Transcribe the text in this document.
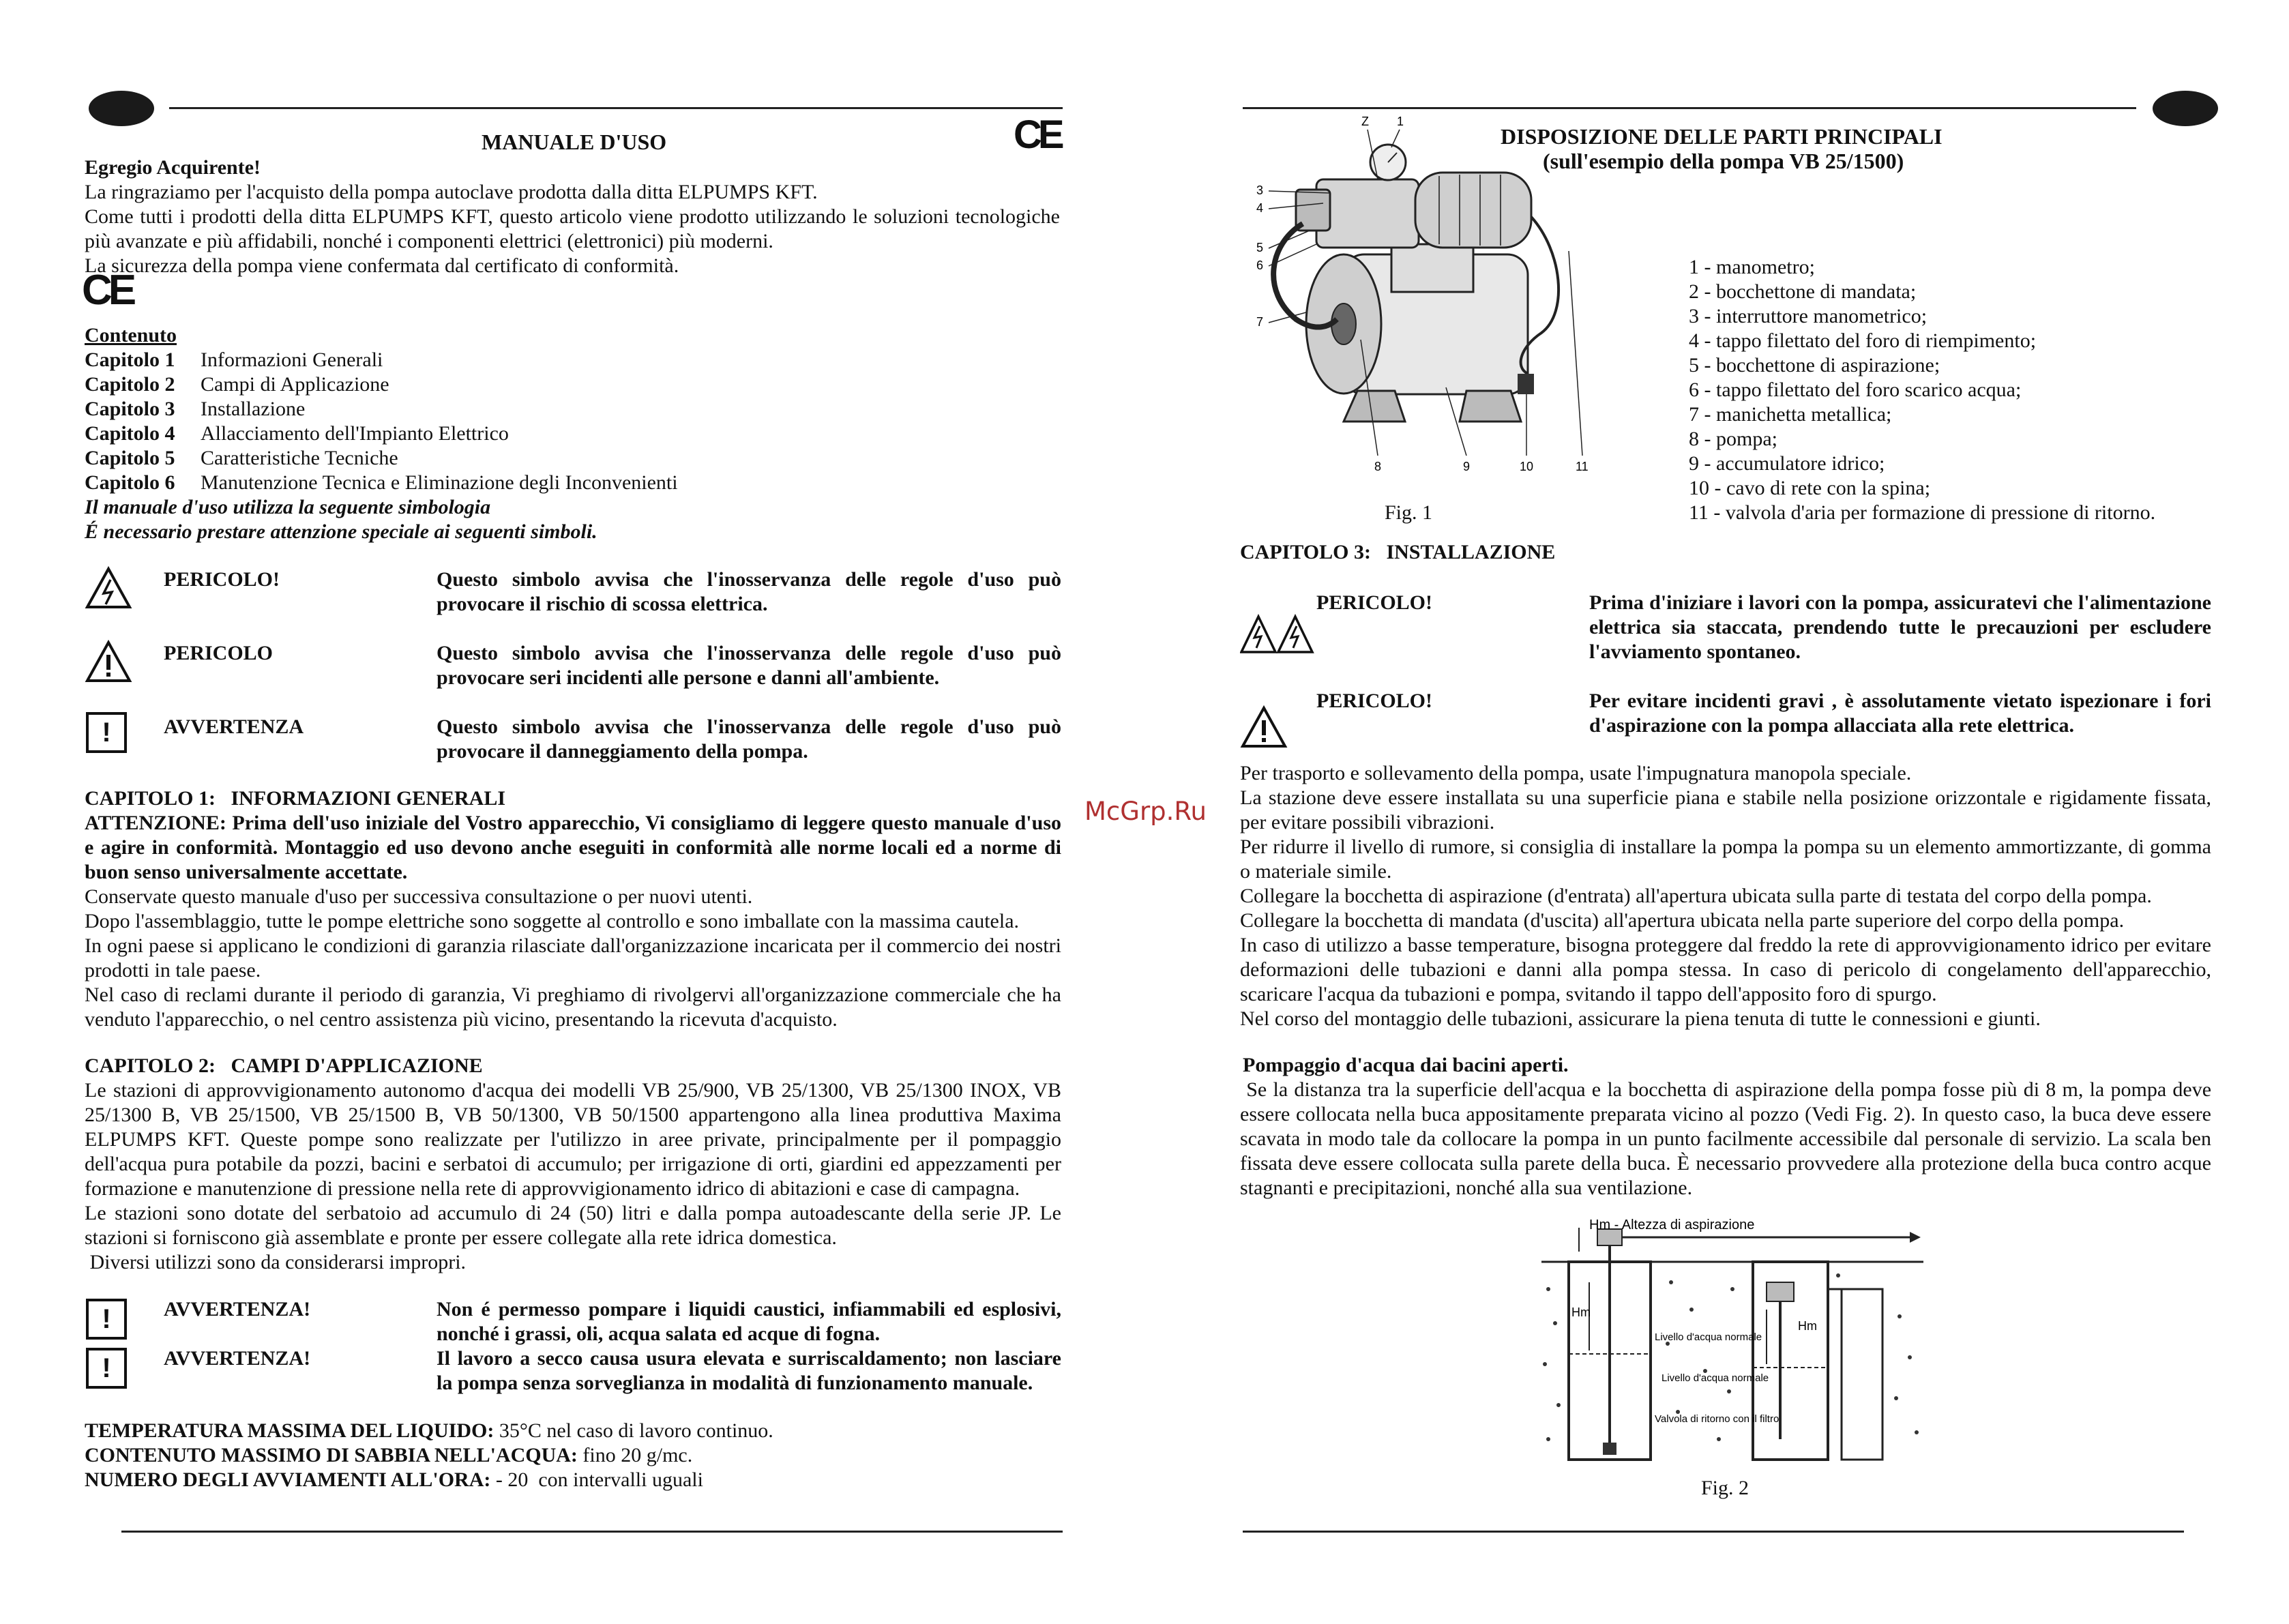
McGrp.Ru
MANUALE D'USO	CE
Egregio Acquirente!
La ringraziamo per l'acquisto della pompa autoclave prodotta dalla ditta ELPUMPS KFT.
Come tutti i prodotti della ditta ELPUMPS KFT, questo articolo viene prodotto utilizzando le soluzioni tecnologiche più avanzate e più affidabili, nonché i componenti elettrici (elettronici) più moderni.
La sicurezza della pompa viene confermata dal certificato di conformità.
CE
Contenuto
Capitolo 1	Informazioni Generali
Capitolo 2	Campi di Applicazione
Capitolo 3	Installazione
Capitolo 4	Allacciamento dell'Impianto Elettrico
Capitolo 5	Caratteristiche Tecniche
Capitolo 6	Manutenzione Tecnica e Eliminazione degli Inconvenienti
Il manuale d'uso utilizza la seguente simbologia
É necessario prestare attenzione speciale ai seguenti simboli.
PERICOLO!	Questo simbolo avvisa che l'inosservanza delle regole d'uso può provocare il rischio di scossa elettrica.
PERICOLO	Questo simbolo avvisa che l'inosservanza delle regole d'uso può provocare seri incidenti alle persone e danni all'ambiente.
!	AVVERTENZA	Questo simbolo avvisa che l'inosservanza delle regole d'uso può provocare il danneggiamento della pompa.
CAPITOLO 1:   INFORMAZIONI GENERALI
ATTENZIONE: Prima dell'uso iniziale del Vostro apparecchio, Vi consigliamo di leggere questo manuale d'uso e agire in conformità. Montaggio ed uso devono anche eseguiti in conformità alle norme locali ed a norme di buon senso universalmente accettate.
Conservate questo manuale d'uso per successiva consultazione o per nuovi utenti.
Dopo l'assemblaggio, tutte le pompe elettriche sono soggette al controllo e sono imballate con la massima cautela.
In ogni paese si applicano le condizioni di garanzia rilasciate dall'organizzazione incaricata per il commercio dei nostri prodotti in tale paese.
Nel caso di reclami durante il periodo di garanzia, Vi preghiamo di rivolgervi all'organizzazione commerciale che ha venduto l'apparecchio, o nel centro assistenza più vicino, presentando la ricevuta d'acquisto.
CAPITOLO 2:   CAMPI D'APPLICAZIONE
Le stazioni di approvvigionamento autonomo d'acqua dei modelli VB 25/900, VB 25/1300, VB 25/1300 INOX, VB 25/1300 B, VB 25/1500, VB 25/1500 B, VB 50/1300, VB 50/1500 appartengono alla linea produttiva Maxima ELPUMPS KFT. Queste pompe sono realizzate per l'utilizzo in aree private, principalmente per il pompaggio dell'acqua pura potabile da pozzi, bacini e serbatoi di accumulo; per irrigazione di orti, giardini ed appezzamenti per formazione e manutenzione di pressione nella rete di approvvigionamento idrico di abitazioni e case di campagna.
Le stazioni sono dotate del serbatoio ad accumulo di 24 (50) litri e dalla pompa autoadescante della serie JP. Le stazioni si forniscono già assemblate e pronte per essere collegate alla rete idrica domestica.
Diversi utilizzi sono da considerarsi impropri.
!	AVVERTENZA!	Non é permesso pompare i liquidi caustici, infiammabili ed esplosivi, nonché i grassi, oli, acqua salata ed acque di fogna.
!	AVVERTENZA!	Il lavoro a secco causa usura elevata e surriscaldamento; non lasciare la pompa senza sorveglianza in modalità di funzionamento manuale.
TEMPERATURA MASSIMA DEL LIQUIDO: 35°C nel caso di lavoro continuo.
CONTENUTO MASSIMO DI SABBIA NELL'ACQUA: fino 20 g/mc.
NUMERO DEGLI AVVIAMENTI ALL'ORA: - 20  con intervalli uguali
DISPOSIZIONE DELLE PARTI PRINCIPALI
(sull'esempio della pompa VB 25/1500)
Z 1
3
4
5
6
7
8	9	10	11
Fig. 1
1 - manometro;
2 - bocchettone di mandata;
3 - interruttore manometrico;
4 - tappo filettato del foro di riempimento;
5 - bocchettone di aspirazione;
6 - tappo filettato del foro scarico acqua;
7 - manichetta metallica;
8 - pompa;
9 - accumulatore idrico;
10 - cavo di rete con la spina;
11 - valvola d'aria per formazione di pressione di ritorno.
CAPITOLO 3:   INSTALLAZIONE
PERICOLO!	Prima d'iniziare i lavori con la pompa, assicuratevi che l'alimentazione elettrica sia staccata, prendendo tutte le precauzioni per escludere l'avviamento spontaneo.
PERICOLO!	Per evitare incidenti gravi , è assolutamente vietato ispezionare i fori d'aspirazione con la pompa allacciata alla rete elettrica.
Per trasporto e sollevamento della pompa, usate l'impugnatura manopola speciale.
La stazione deve essere installata su una superficie piana e stabile nella posizione orizzontale e rigidamente fissata, per evitare possibili vibrazioni.
Per ridurre il livello di rumore, si consiglia di installare la pompa la pompa su un elemento ammortizzante, di gomma o materiale simile.
Collegare la bocchetta di aspirazione (d'entrata) all'apertura ubicata sulla parte di testata del corpo della pompa.
Collegare la bocchetta di mandata (d'uscita) all'apertura ubicata nella parte superiore del corpo della pompa.
In caso di utilizzo a basse temperature, bisogna proteggere dal freddo la rete di approvvigionamento idrico per evitare deformazioni delle tubazioni e danni alla pompa stessa. In caso di pericolo di congelamento dell'apparecchio, scaricare l'acqua da tubazioni e pompa, svitando il tappo dell'apposito foro di spurgo.
Nel corso del montaggio delle tubazioni, assicurare la piena tenuta di tutte le connessioni e giunti.
Pompaggio d'acqua dai bacini aperti.
Se la distanza tra la superficie dell'acqua e la bocchetta di aspirazione della pompa fosse più di 8 m, la pompa deve essere collocata nella buca appositamente preparata vicino al pozzo (Vedi Fig. 2). In questo caso, la buca deve essere scavata in modo tale da collocare la pompa in un punto facilmente accessibile dal personale di servizio. La scala ben fissata deve essere collocata sulla parete della buca. È necessario provvedere alla protezione della buca contro acque stagnanti e precipitazioni, nonché alla sua ventilazione.
Hm - Altezza di aspirazione
Hm
Hm
Livello d'acqua normale
Livello d'acqua normale
Valvola di ritorno con il filtro
Fig. 2
